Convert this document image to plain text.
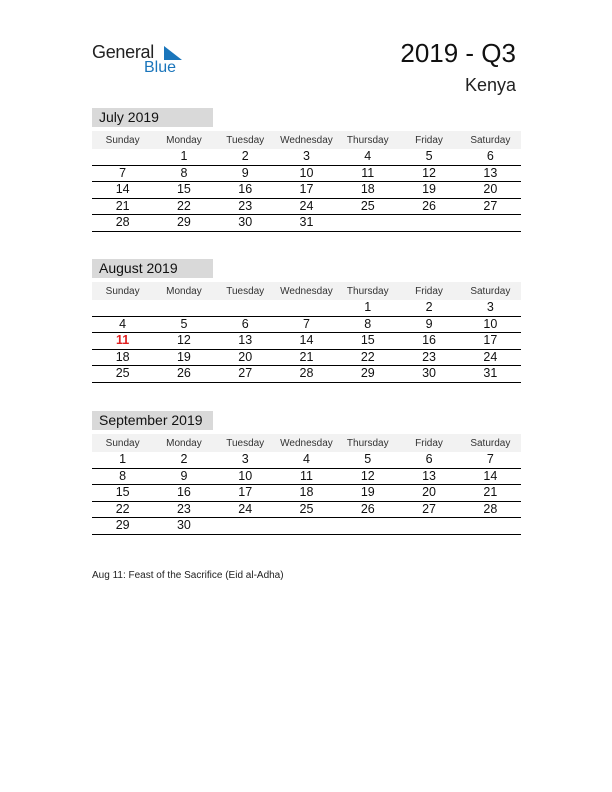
General
Blue	2019 - Q3
Kenya
July 2019
Sunday	Monday	Tuesday	Wednesday	Thursday	Friday	Saturday
	1	2	3	4	5	6
7	8	9	10	11	12	13
14	15	16	17	18	19	20
21	22	23	24	25	26	27
28	29	30	31			
August 2019
Sunday	Monday	Tuesday	Wednesday	Thursday	Friday	Saturday
				1	2	3
4	5	6	7	8	9	10
11	12	13	14	15	16	17
18	19	20	21	22	23	24
25	26	27	28	29	30	31
September 2019
Sunday	Monday	Tuesday	Wednesday	Thursday	Friday	Saturday
1	2	3	4	5	6	7
8	9	10	11	12	13	14
15	16	17	18	19	20	21
22	23	24	25	26	27	28
29	30					
Aug 11: Feast of the Sacrifice (Eid al-Adha)
